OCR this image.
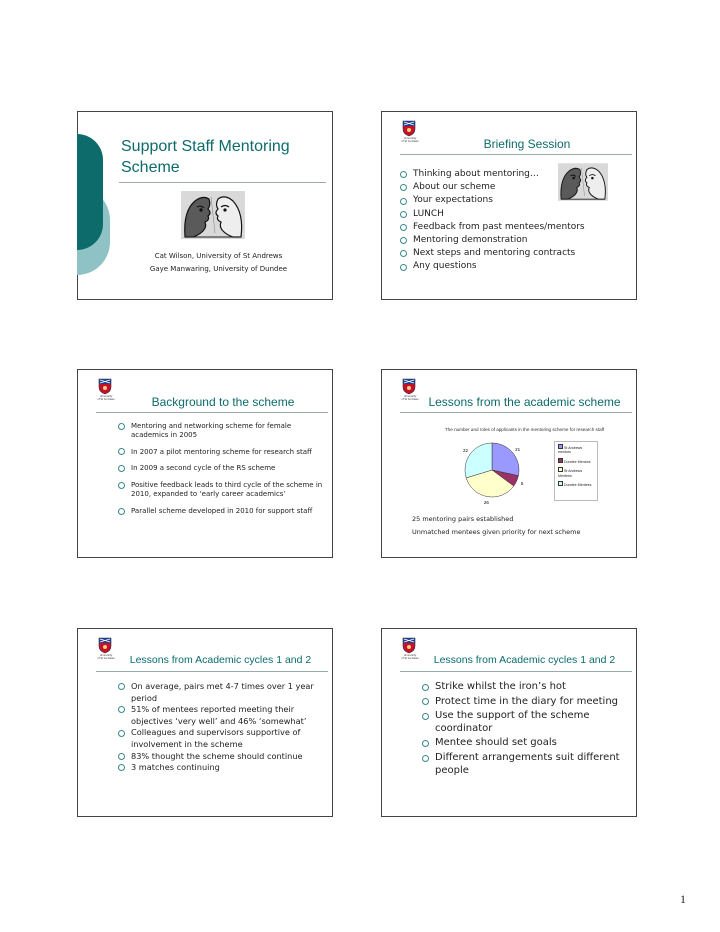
Support Staff Mentoring
Scheme
Cat Wilson, University of St Andrews
Gaye Manwaring, University of Dundee
University
of St Andrews	Briefing Session
Thinking about mentoring…
About our scheme
Your expectations
LUNCH
Feedback from past mentees/mentors
Mentoring demonstration
Next steps and mentoring contracts
Any questions
University
of St Andrews	Background to the scheme
Mentoring and networking scheme for female academics in 2005
In 2007 a pilot mentoring scheme for research staff
In 2009 a second cycle of the RS scheme
Positive feedback leads to third cycle of the scheme in 2010, expanded to ‘early career academics’
Parallel scheme developed in 2010 for support staff
University
of St Andrews Lessons from the academic scheme
The number and roles of applicants in the mentoring scheme for research staff
21
5
26
22	St Andrews mentors
Dundee Mentors
St Andrews Mentees
Dundee Mentees
25 mentoring pairs established
Unmatched mentees given priority for next scheme
University
of St Andrews	Lessons from Academic cycles 1 and 2
On average, pairs met 4-7 times over 1 year period
51% of mentees reported meeting their objectives ‘very well’ and 46% ‘somewhat’
Colleagues and supervisors supportive of involvement in the scheme
83% thought the scheme should continue
3 matches continuing
University
of St Andrews	Lessons from Academic cycles 1 and 2
Strike whilst the iron’s hot
Protect time in the diary for meeting
Use the support of the scheme coordinator
Mentee should set goals
Different arrangements suit different people
1
